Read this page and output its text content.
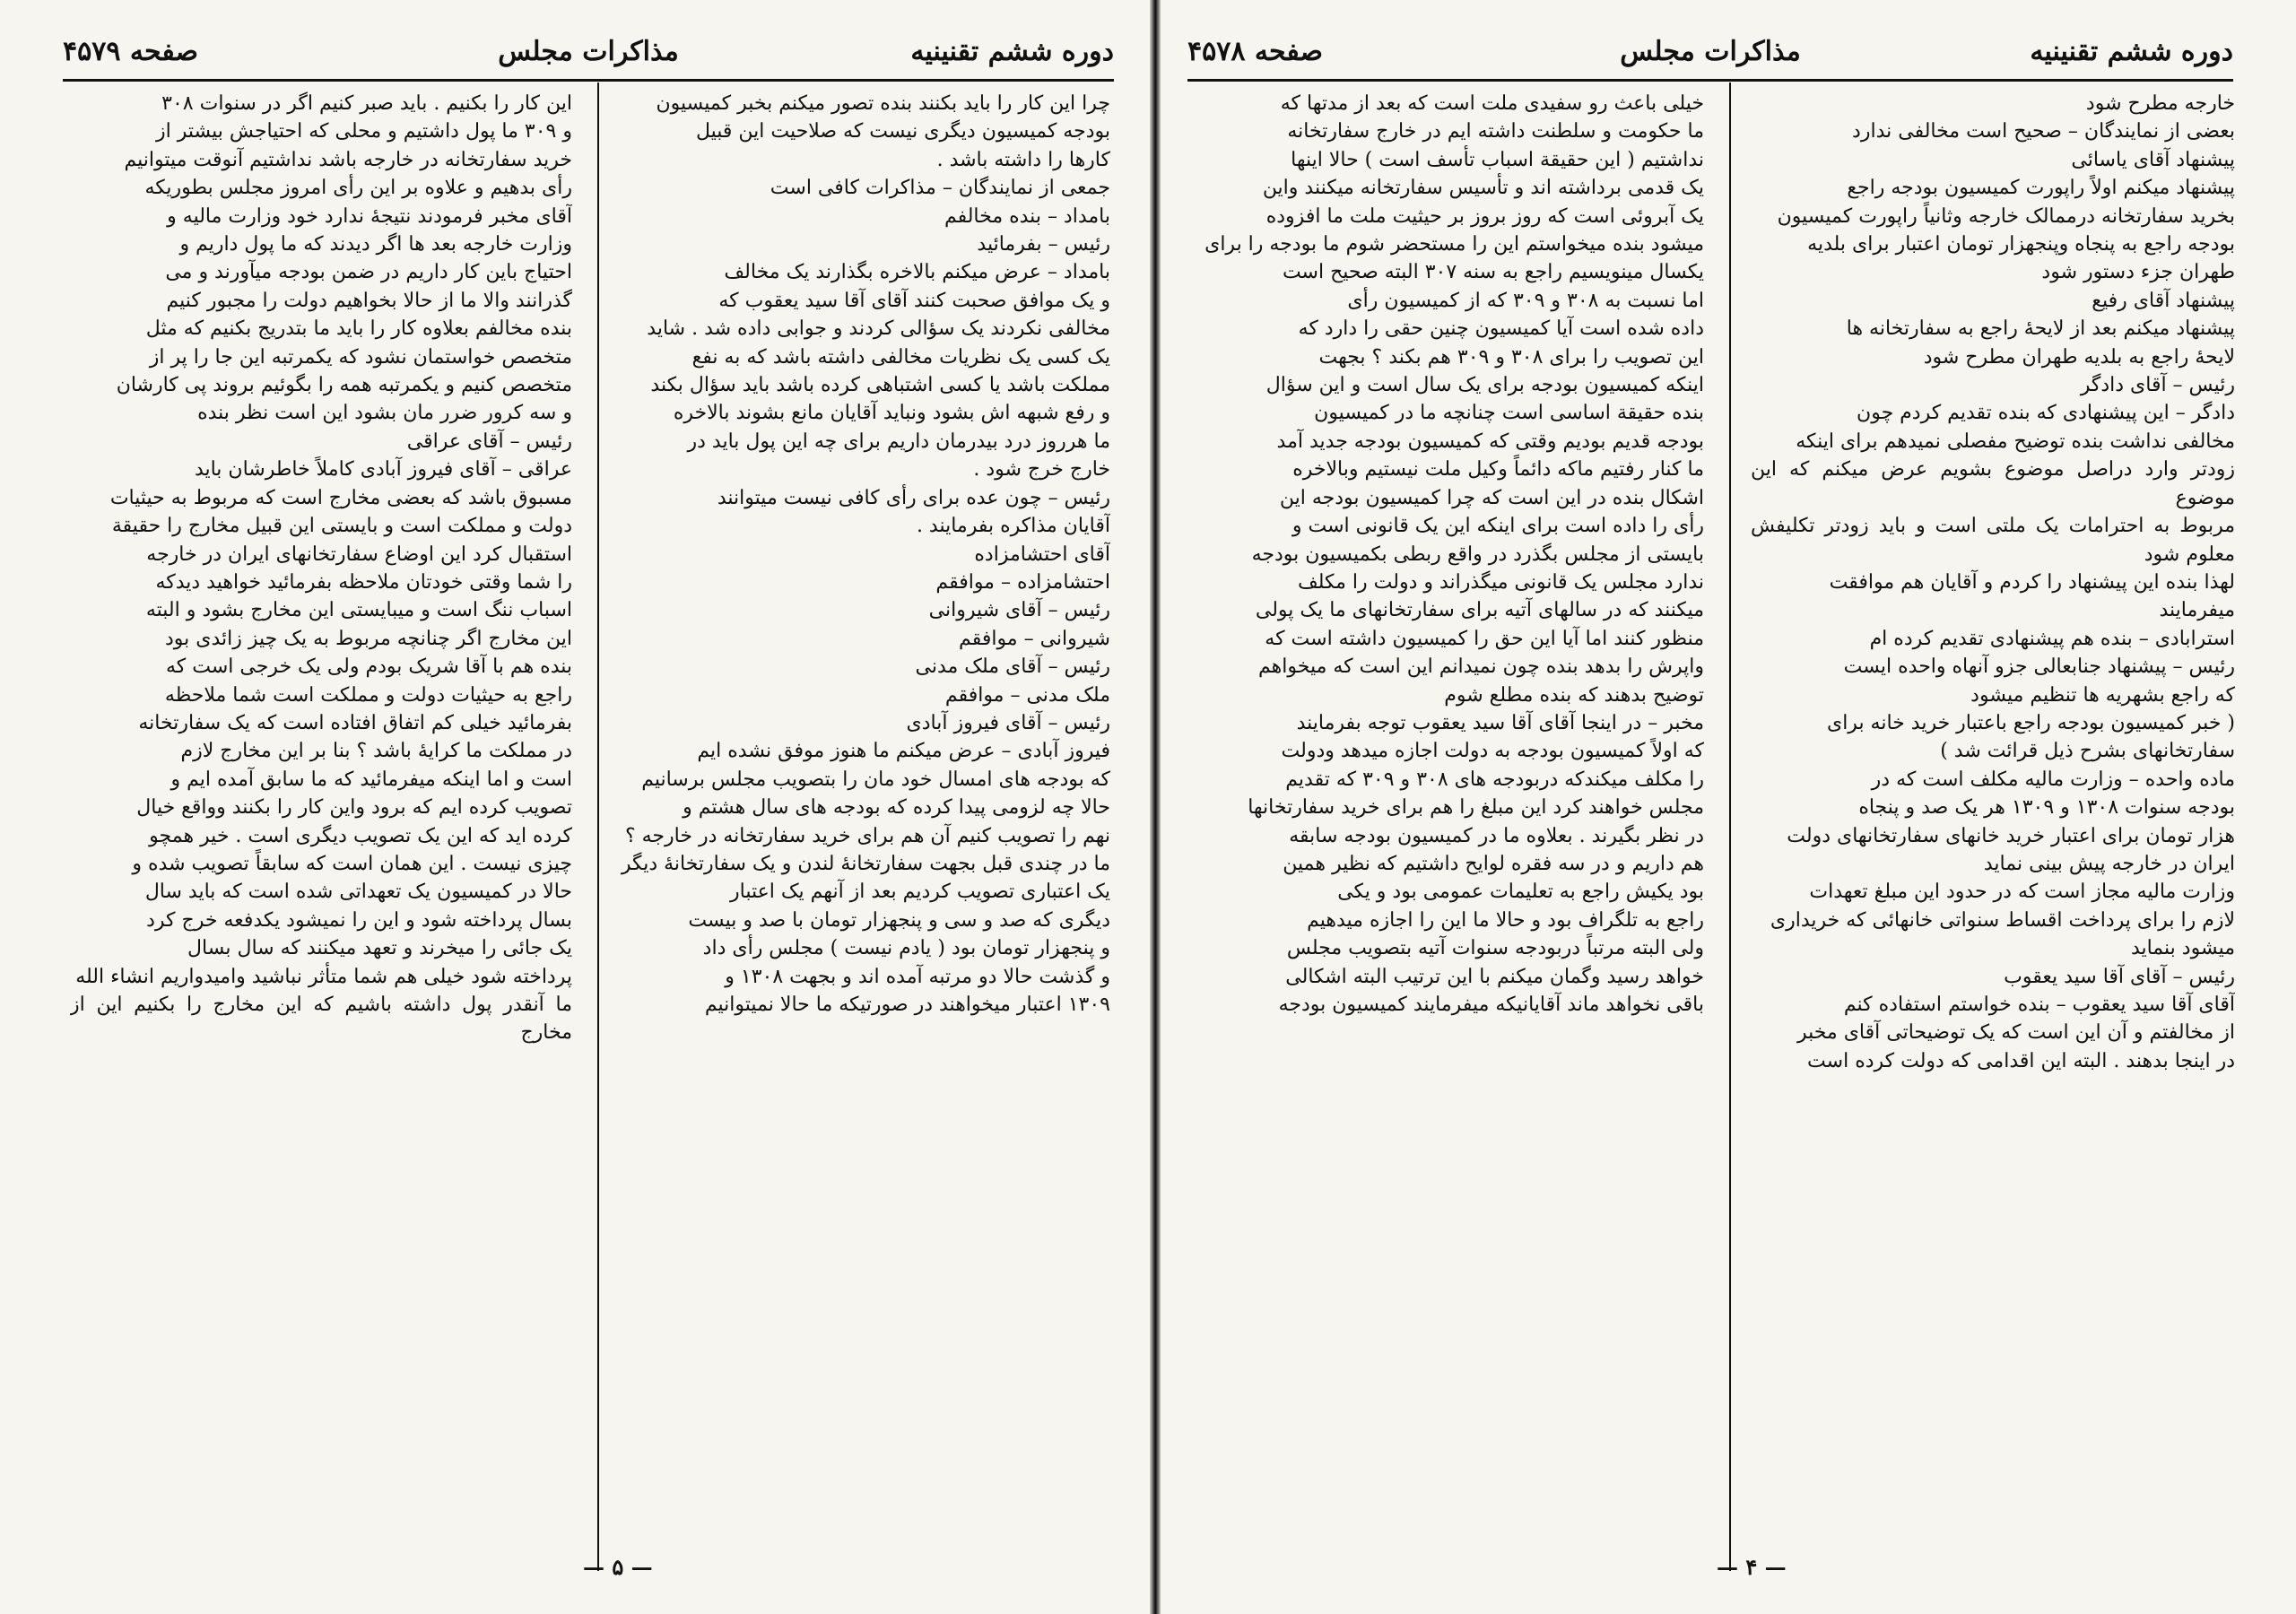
دوره ششم تقنينيه
مذاکرات مجلس
صفحه ۴۵۷۹

چرا این کار را باید بکنند بنده تصور میکنم بخبر کمیسیون

بودجه کمیسیون دیگری نیست که صلاحیت این قبیل

کارها را داشته باشد .

جمعی از نمایندگان – مذاکرات کافی است

بامداد – بنده مخالفم

رئیس – بفرمائید

بامداد – عرض میکنم بالاخره بگذارند یک مخالف

و یک موافق صحبت کنند آقای آقا سید یعقوب که

مخالفی نکردند یک سؤالی کردند و جوابی داده شد . شاید

یک کسی یک نظریات مخالفی داشته باشد که به نفع

مملکت باشد یا کسی اشتباهی کرده باشد باید سؤال بکند

و رفع شبهه اش بشود ونباید آقایان مانع بشوند بالاخره

ما هرروز درد بیدرمان داریم برای چه این پول باید در

خارج خرج شود .

رئیس – چون عده برای رأی کافی نیست میتوانند

آقایان مذاکره بفرمایند .

آقای احتشامزاده

احتشامزاده – موافقم

رئیس – آقای شیروانی

شیروانی – موافقم

رئیس – آقای ملک مدنی

ملک مدنی – موافقم

رئیس – آقای فیروز آبادی

فیروز آبادی – عرض میکنم ما هنوز موفق نشده ایم

که بودجه های امسال خود مان را بتصویب مجلس برسانیم

حالا چه لزومی پیدا کرده که بودجه های سال هشتم و

نهم را تصویب کنیم آن هم برای خرید سفارتخانه در خارجه ؟

ما در چندی قبل بجهت سفارتخانهٔ لندن و یک سفارتخانهٔ دیگر

یک اعتباری تصویب کردیم بعد از آنهم یک اعتبار

دیگری که صد و سی و پنجهزار تومان با صد و بیست

و پنجهزار تومان بود ( یادم نیست ) مجلس رأی داد

و گذشت حالا دو مرتبه آمده اند و بجهت ۱۳۰۸ و

۱۳۰۹ اعتبار میخواهند در صورتیکه ما حالا نمیتوانیم

این کار را بکنیم . باید صبر کنیم اگر در سنوات ۳۰۸

و ۳۰۹ ما پول داشتیم و محلی که احتیاجش بیشتر از

خرید سفارتخانه در خارجه باشد نداشتیم آنوقت میتوانیم

رأی بدهیم و علاوه بر این رأی امروز مجلس بطوریکه

آقای مخبر فرمودند نتیجهٔ ندارد خود وزارت مالیه و

وزارت خارجه بعد ها اگر دیدند که ما پول داریم و

احتیاج باین کار داریم در ضمن بودجه میآورند و می

گذرانند والا ما از حالا بخواهیم دولت را مجبور کنیم

بنده مخالفم بعلاوه کار را باید ما بتدریج بکنیم که مثل

متخصص خواستمان نشود که یکمرتبه این جا را پر از

متخصص کنیم و یکمرتبه همه را بگوئیم بروند پی کارشان

و سه کرور ضرر مان بشود این است نظر بنده

رئیس – آقای عراقی

عراقی – آقای فیروز آبادی کاملاً خاطرشان باید

مسبوق باشد که بعضی مخارج است که مربوط به حیثیات

دولت و مملکت است و بایستی این قبیل مخارج را حقیقة

استقبال کرد این اوضاع سفارتخانهای ایران در خارجه

را شما وقتی خودتان ملاحظه بفرمائید خواهید دیدکه

اسباب ننگ است و میبایستی این مخارج بشود و البته

این مخارج اگر چنانچه مربوط به یک چیز زائدی بود

بنده هم با آقا شریک بودم ولی یک خرجی است که

راجع به حیثیات دولت و مملکت است شما ملاحظه

بفرمائید خیلی کم اتفاق افتاده است که یک سفارتخانه

در مملکت ما کرایهٔ باشد ؟ بنا بر این مخارج لازم

است و اما اینکه میفرمائید که ما سابق آمده ایم و

تصویب کرده ایم که برود واین کار را بکنند وواقع خیال

کرده اید که این یک تصویب دیگری است . خیر همچو

چیزی نیست . این همان است که سابقاً تصویب شده و

حالا در کمیسیون یک تعهداتی شده است که باید سال

بسال پرداخته شود و این را نمیشود یکدفعه خرج کرد

یک جائی را میخرند و تعهد میکنند که سال بسال

پرداخته شود خیلی هم شما متأثر نباشید وامیدواریم انشاء الله

ما آنقدر پول داشته باشیم که این مخارج را بکنیم این از مخارج

— ۵ —
دوره ششم تقنینیه
مذاکرات مجلس
صفحه ۴۵۷۸

خارجه مطرح شود

بعضی از نمایندگان – صحیح است مخالفی ندارد

پیشنهاد آقای یاسائی

پیشنهاد میکنم اولاً راپورت کمیسیون بودجه راجع

بخرید سفارتخانه درممالک خارجه وثانیاً راپورت کمیسیون

بودجه راجع به پنجاه وپنجهزار تومان اعتبار برای بلدیه

طهران جزء دستور شود

پیشنهاد آقای رفیع

پیشنهاد میکنم بعد از لایحهٔ راجع به سفارتخانه ها

لایحهٔ راجع به بلدیه طهران مطرح شود

رئیس – آقای دادگر

دادگر – این پیشنهادی که بنده تقدیم کردم چون

مخالفی نداشت بنده توضیح مفصلی نمیدهم برای اینکه

زودتر وارد دراصل موضوع بشویم عرض میکنم که این موضوع

مربوط به احترامات یک ملتی است و باید زودتر تکلیفش معلوم شود

لهذا بنده این پیشنهاد را کردم و آقایان هم موافقت

میفرمایند

استرابادی – بنده هم پیشنهادی تقدیم کرده ام

رئیس – پیشنهاد جنابعالی جزو آنهاه واحده ایست

که راجع بشهریه ها تنظیم میشود

( خبر کمیسیون بودجه راجع باعتبار خرید خانه برای

سفارتخانهای بشرح ذیل قرائت شد )

ماده واحده – وزارت مالیه مکلف است که در

بودجه سنوات ۱۳۰۸ و ۱۳۰۹ هر یک صد و پنجاه

هزار تومان برای اعتبار خرید خانهای سفارتخانهای دولت

ایران در خارجه پیش بینی نماید

وزارت مالیه مجاز است که در حدود این مبلغ تعهدات

لازم را برای پرداخت اقساط سنواتی خانهائی که خریداری

میشود بنماید

رئیس – آقای آقا سید یعقوب

آقای آقا سید یعقوب – بنده خواستم استفاده کنم

از مخالفتم و آن این است که یک توضیحاتی آقای مخبر

در اینجا بدهند . البته این اقدامی که دولت کرده است

خیلی باعث رو سفیدی ملت است که بعد از مدتها که

ما حکومت و سلطنت داشته ایم در خارج سفارتخانه

نداشتیم ( این حقیقة اسباب تأسف است ) حالا اینها

یک قدمی برداشته اند و تأسیس سفارتخانه میکنند واین

یک آبروئی است که روز بروز بر حیثیت ملت ما افزوده

میشود بنده میخواستم این را مستحضر شوم ما بودجه را برای

یکسال مینویسیم راجع به سنه ۳۰۷ البته صحیح است

اما نسبت به ۳۰۸ و ۳۰۹ که از کمیسیون رأی

داده شده است آیا کمیسیون چنین حقی را دارد که

این تصویب را برای ۳۰۸ و ۳۰۹ هم بکند ؟ بجهت

اینکه کمیسیون بودجه برای یک سال است و این سؤال

بنده حقیقة اساسی است چنانچه ما در کمیسیون

بودجه قدیم بودیم وقتی که کمیسیون بودجه جدید آمد

ما کنار رفتیم ماکه دائماً وکیل ملت نیستیم وبالاخره

اشکال بنده در این است که چرا کمیسیون بودجه این

رأی را داده است برای اینکه این یک قانونی است و

بایستی از مجلس بگذرد در واقع ربطی بکمیسیون بودجه

ندارد مجلس یک قانونی میگذراند و دولت را مکلف

میکنند که در سالهای آتیه برای سفارتخانهای ما یک پولی

منظور کنند اما آیا این حق را کمیسیون داشته است که

واپرش را بدهد بنده چون نمیدانم این است که میخواهم

توضیح بدهند که بنده مطلع شوم

مخبر – در اینجا آقای آقا سید یعقوب توجه بفرمایند

که اولاً کمیسیون بودجه به دولت اجازه میدهد ودولت

را مکلف میکندکه دربودجه های ۳۰۸ و ۳۰۹ که تقدیم

مجلس خواهند کرد این مبلغ را هم برای خرید سفارتخانها

در نظر بگیرند . بعلاوه ما در کمیسیون بودجه سابقه

هم داریم و در سه فقره لوایح داشتیم که نظیر همین

بود یکیش راجع به تعلیمات عمومی بود و یکی

راجع به تلگراف بود و حالا ما این را اجازه میدهیم

ولی البته مرتباً دربودجه سنوات آتیه بتصویب مجلس

خواهد رسید وگمان میکنم با این ترتیب البته اشکالی

باقی نخواهد ماند آقایانیکه میفرمایند کمیسیون بودجه

— ۴ —
